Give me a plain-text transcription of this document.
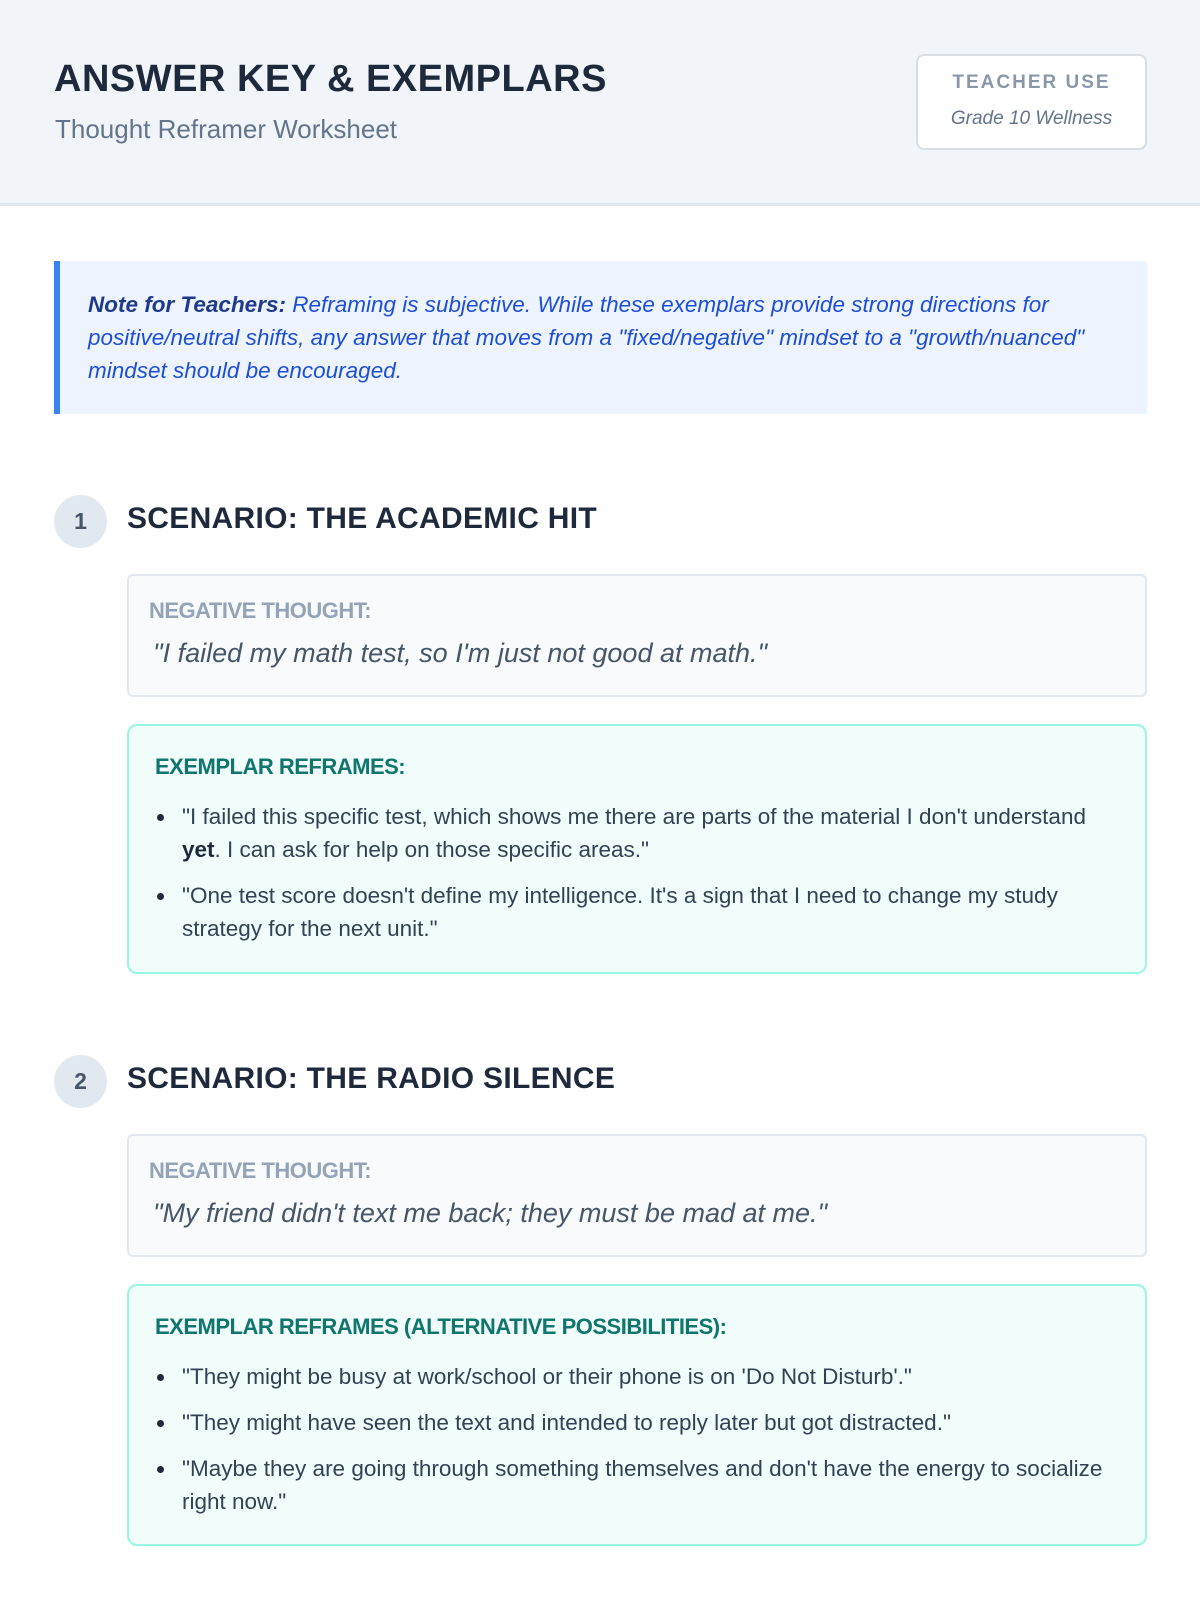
ANSWER KEY & EXEMPLARS
Thought Reframer Worksheet
TEACHER USE
Grade 10 Wellness
Note for Teachers: Reframing is subjective. While these exemplars provide strong directions for positive/neutral shifts, any answer that moves from a "fixed/negative" mindset to a "growth/nuanced" mindset should be encouraged.
1	SCENARIO: THE ACADEMIC HIT
NEGATIVE THOUGHT:
"I failed my math test, so I'm just not good at math."
EXEMPLAR REFRAMES:
"I failed this specific test, which shows me there are parts of the material I don't understand yet. I can ask for help on those specific areas."
"One test score doesn't define my intelligence. It's a sign that I need to change my study strategy for the next unit."
2	SCENARIO: THE RADIO SILENCE
NEGATIVE THOUGHT:
"My friend didn't text me back; they must be mad at me."
EXEMPLAR REFRAMES (ALTERNATIVE POSSIBILITIES):
"They might be busy at work/school or their phone is on 'Do Not Disturb'."
"They might have seen the text and intended to reply later but got distracted."
"Maybe they are going through something themselves and don't have the energy to socialize right now."
